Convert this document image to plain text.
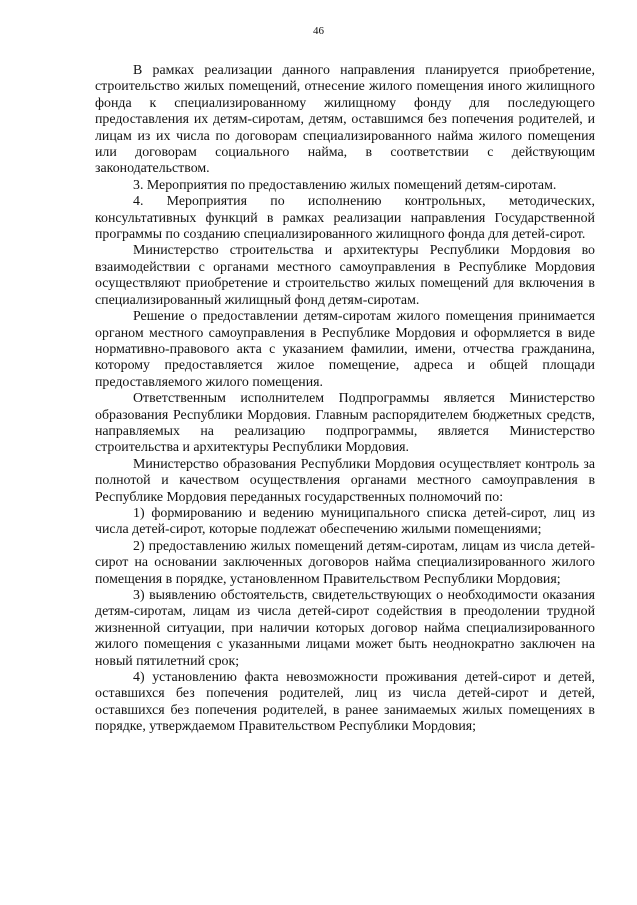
46

В рамках реализации данного направления планируется приобретение, строительство жилых помещений, отнесение жилого помещения иного жилищного фонда к специализированному жилищному фонду для последующего предоставления их детям-сиротам, детям, оставшимся без попечения родителей, и лицам из их числа по договорам специализированного найма жилого помещения или договорам социального найма, в соответствии с действующим законодательством.

3. Мероприятия по предоставлению жилых помещений детям-сиротам.

4. Мероприятия по исполнению контрольных, методических, консультативных функций в рамках реализации направления Государственной программы по созданию специализированного жилищного фонда для детей-сирот.

Министерство строительства и архитектуры Республики Мордовия во взаимодействии с органами местного самоуправления в Республике Мордовия осуществляют приобретение и строительство жилых помещений для включения в специализированный жилищный фонд детям-сиротам.

Решение о предоставлении детям-сиротам жилого помещения принимается органом местного самоуправления в Республике Мордовия и оформляется в виде нормативно-правового акта с указанием фамилии, имени, отчества гражданина, которому предоставляется жилое помещение, адреса и общей площади предоставляемого жилого помещения.

Ответственным исполнителем Подпрограммы является Министерство образования Республики Мордовия. Главным распорядителем бюджетных средств, направляемых на реализацию подпрограммы, является Министерство строительства и архитектуры Республики Мордовия.

Министерство образования Республики Мордовия осуществляет контроль за полнотой и качеством осуществления органами местного самоуправления в Республике Мордовия переданных государственных полномочий по:

1) формированию и ведению муниципального списка детей-сирот, лиц из числа детей-сирот, которые подлежат обеспечению жилыми помещениями;

2) предоставлению жилых помещений детям-сиротам, лицам из числа детей-сирот на основании заключенных договоров найма специализированного жилого помещения в порядке, установленном Правительством Республики Мордовия;

3) выявлению обстоятельств, свидетельствующих о необходимости оказания детям-сиротам, лицам из числа детей-сирот содействия в преодолении трудной жизненной ситуации, при наличии которых договор найма специализированного жилого помещения с указанными лицами может быть неоднократно заключен на новый пятилетний срок;

4) установлению факта невозможности проживания детей-сирот и детей, оставшихся без попечения родителей, лиц из числа детей-сирот и детей, оставшихся без попечения родителей, в ранее занимаемых жилых помещениях в порядке, утверждаемом Правительством Республики Мордовия;
